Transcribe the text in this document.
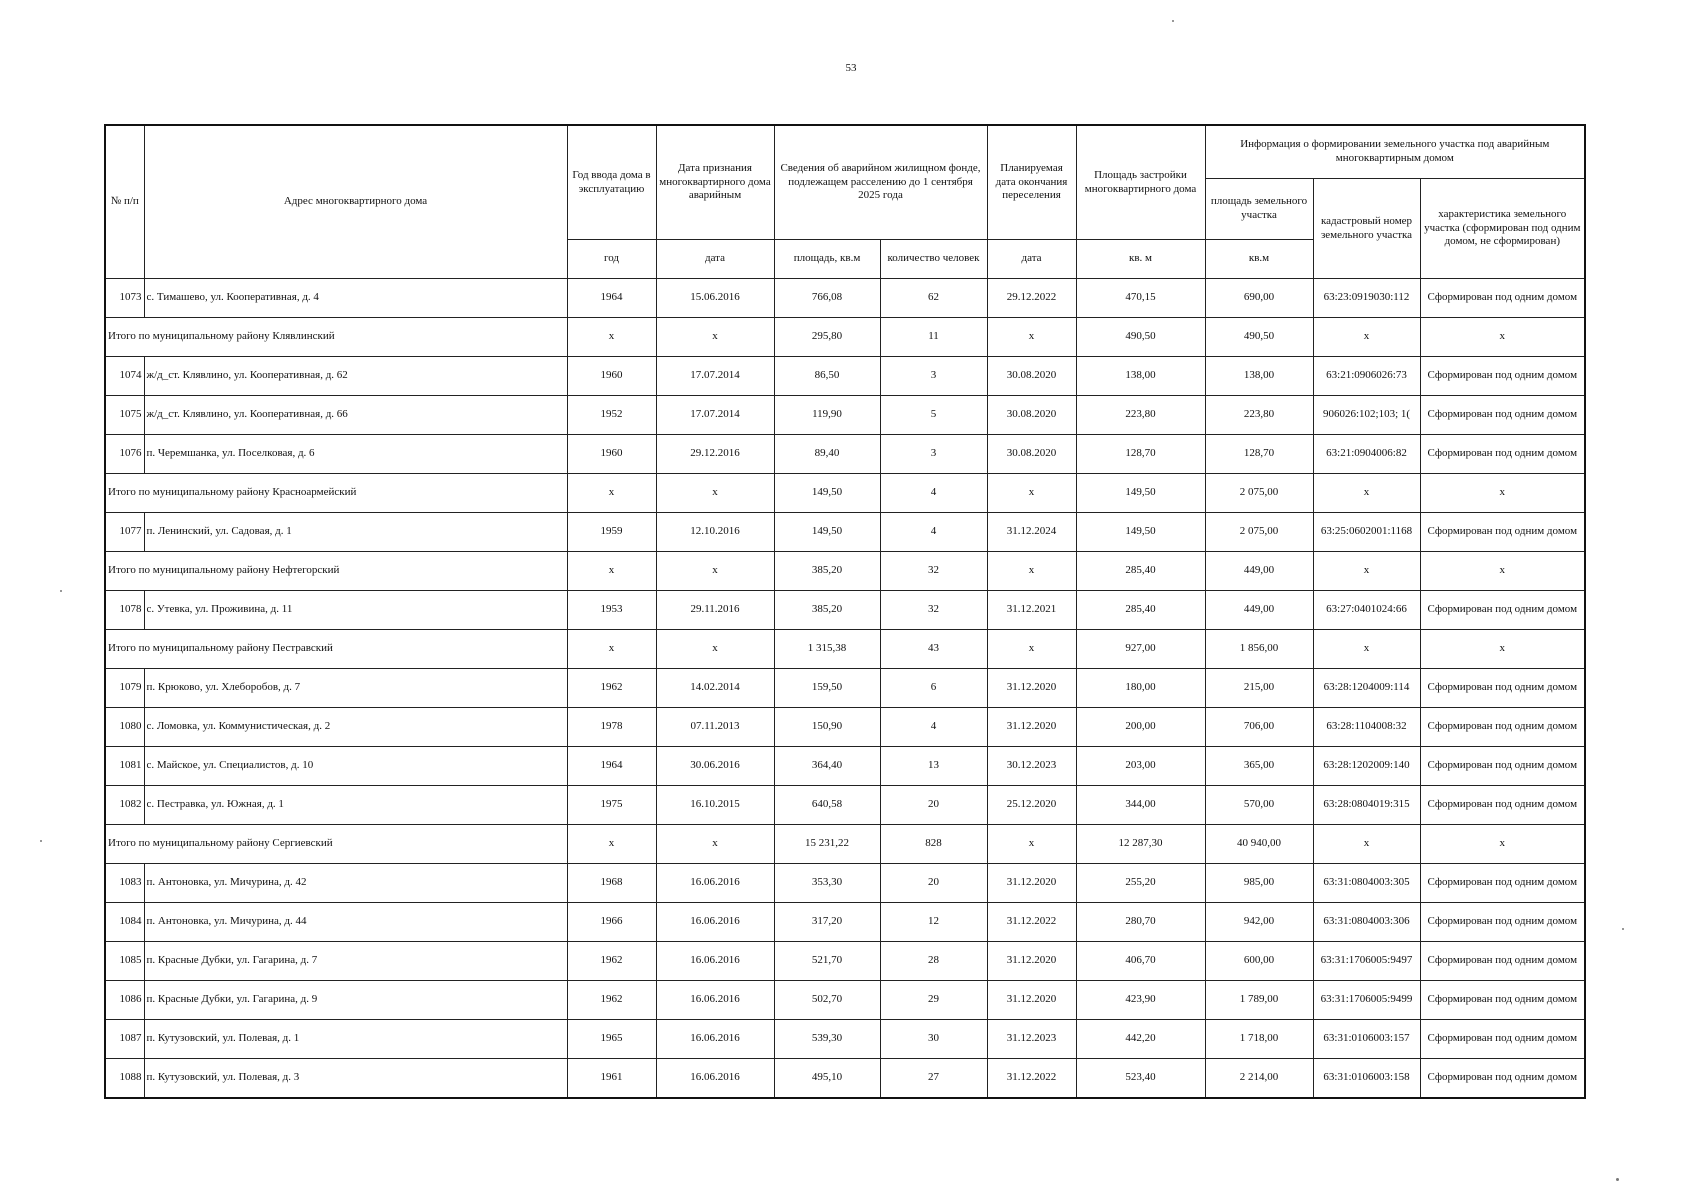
53
№ п/п	Адрес многоквартирного дома	Год ввода дома в эксплуатацию	Дата признания многоквартирного дома аварийным	Сведения об аварийном жилищном фонде, подлежащем расселению до 1 сентября 2025 года		Планируемая дата окончания переселения	Площадь застройки многоквартирного дома	Информация о формировании земельного участка под аварийным многоквартирным домом		
								площадь земельного участка	кадастровый номер земельного участка	характеристика земельного участка (сформирован под одним домом, не сформирован)
		год	дата	площадь, кв.м	количество человек	дата	кв. м	кв.м		
1073	с. Тимашево, ул. Кооперативная, д. 4	1964	15.06.2016	766,08	62	29.12.2022	470,15	690,00	63:23:0919030:112	Сформирован под одним домом
Итого по муниципальному району Клявлинский		x	x	295,80	11	x	490,50	490,50	x	x
1074	ж/д_ст. Клявлино, ул. Кооперативная, д. 62	1960	17.07.2014	86,50	3	30.08.2020	138,00	138,00	63:21:0906026:73	Сформирован под одним домом
1075	ж/д_ст. Клявлино, ул. Кооперативная, д. 66	1952	17.07.2014	119,90	5	30.08.2020	223,80	223,80	906026:102;103; 1(	Сформирован под одним домом
1076	п. Черемшанка, ул. Поселковая, д. 6	1960	29.12.2016	89,40	3	30.08.2020	128,70	128,70	63:21:0904006:82	Сформирован под одним домом
Итого по муниципальному району Красноармейский		x	x	149,50	4	x	149,50	2 075,00	x	x
1077	п. Ленинский, ул. Садовая, д. 1	1959	12.10.2016	149,50	4	31.12.2024	149,50	2 075,00	63:25:0602001:1168	Сформирован под одним домом
Итого по муниципальному району Нефтегорский		x	x	385,20	32	x	285,40	449,00	x	x
1078	с. Утевка, ул. Проживина, д. 11	1953	29.11.2016	385,20	32	31.12.2021	285,40	449,00	63:27:0401024:66	Сформирован под одним домом
Итого по муниципальному району Пестравский		x	x	1 315,38	43	x	927,00	1 856,00	x	x
1079	п. Крюково, ул. Хлеборобов, д. 7	1962	14.02.2014	159,50	6	31.12.2020	180,00	215,00	63:28:1204009:114	Сформирован под одним домом
1080	с. Ломовка, ул. Коммунистическая, д. 2	1978	07.11.2013	150,90	4	31.12.2020	200,00	706,00	63:28:1104008:32	Сформирован под одним домом
1081	с. Майское, ул. Специалистов, д. 10	1964	30.06.2016	364,40	13	30.12.2023	203,00	365,00	63:28:1202009:140	Сформирован под одним домом
1082	с. Пестравка, ул. Южная, д. 1	1975	16.10.2015	640,58	20	25.12.2020	344,00	570,00	63:28:0804019:315	Сформирован под одним домом
Итого по муниципальному району Сергиевский		x	x	15 231,22	828	x	12 287,30	40 940,00	x	x
1083	п. Антоновка, ул. Мичурина, д. 42	1968	16.06.2016	353,30	20	31.12.2020	255,20	985,00	63:31:0804003:305	Сформирован под одним домом
1084	п. Антоновка, ул. Мичурина, д. 44	1966	16.06.2016	317,20	12	31.12.2022	280,70	942,00	63:31:0804003:306	Сформирован под одним домом
1085	п. Красные Дубки, ул. Гагарина, д. 7	1962	16.06.2016	521,70	28	31.12.2020	406,70	600,00	63:31:1706005:9497	Сформирован под одним домом
1086	п. Красные Дубки, ул. Гагарина, д. 9	1962	16.06.2016	502,70	29	31.12.2020	423,90	1 789,00	63:31:1706005:9499	Сформирован под одним домом
1087	п. Кутузовский, ул. Полевая, д. 1	1965	16.06.2016	539,30	30	31.12.2023	442,20	1 718,00	63:31:0106003:157	Сформирован под одним домом
1088	п. Кутузовский, ул. Полевая, д. 3	1961	16.06.2016	495,10	27	31.12.2022	523,40	2 214,00	63:31:0106003:158	Сформирован под одним домом
